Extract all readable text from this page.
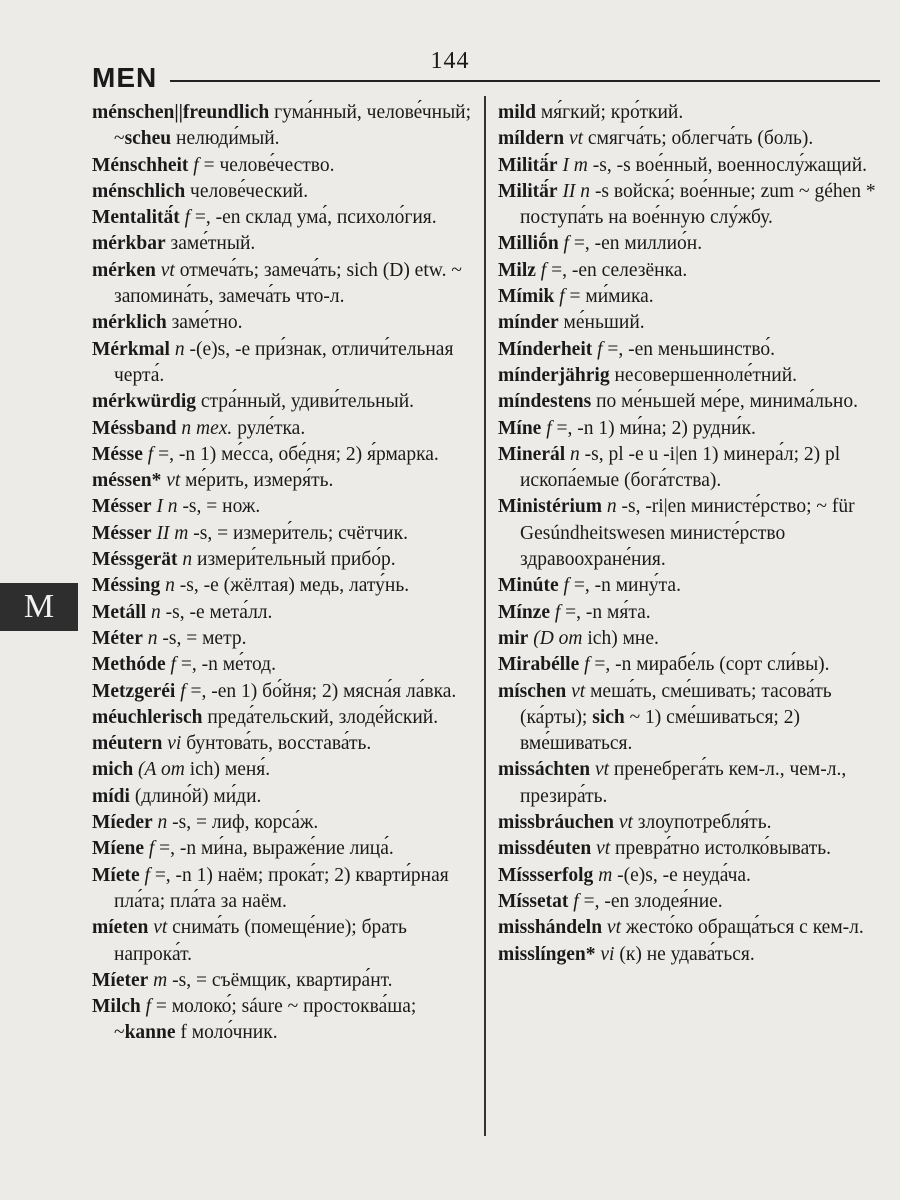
144
MEN

ménschen||freundlich гума́нный, челове́чный; ~scheu нелюди́мый.

Ménschheit f = челове́чество.

ménschlich челове́ческий.

Mentalitä́t f =, -en склад ума́, психоло́гия.

mérkbar заме́тный.

mérken vt отмеча́ть; замеча́ть; sich (D) etw. ~ запомина́ть, замеча́ть что-л.

mérklich заме́тно.

Mérkmal n -(e)s, -e при́знак, отличи́тельная черта́.

mérkwürdig стра́нный, удиви́тельный.

Méssband n mex. руле́тка.

Mésse f =, -n 1) ме́сса, обе́дня; 2) я́рмарка.

méssen* vt ме́рить, измеря́ть.

Mésser I n -s, = нож.

Mésser II m -s, = измери́тель; счётчик.

Méssgerät n измери́тельный прибо́р.

Méssing n -s, -e (жёлтая) медь, лату́нь.

Metáll n -s, -e мета́лл.

Méter n -s, = метр.

Methóde f =, -n ме́тод.

Metzgeréi f =, -en 1) бо́йня; 2) мясна́я ла́вка.

méuchlerisch преда́тельский, злоде́йский.

méutern vi бунтова́ть, восстава́ть.

mich (A om ich) меня́.

mídi (длино́й) ми́ди.

Míeder n -s, = лиф, корса́ж.

Míene f =, -n ми́на, выраже́ние лица́.

Míete f =, -n 1) наём; прока́т; 2) кварти́рная пла́та; пла́та за наём.

míeten vt снима́ть (помеще́ние); брать напрока́т.

Míeter m -s, = съёмщик, квартира́нт.

Milch f = молоко́; sáure ~ простоква́ша; ~kanne f моло́чник.

mild мя́гкий; кро́ткий.

míldern vt смягча́ть; облегча́ть (боль).

Militä́r I m -s, -s вое́нный, военнослу́жащий.

Militä́r II n -s войска́; вое́нные; zum ~ géhen * поступа́ть на вое́нную слу́жбу.

Milliṓn f =, -en миллио́н.

Milz f =, -en селезёнка.

Mímik f = ми́мика.

mínder ме́ньший.

Mínderheit f =, -en меньшинство́.

mínderjährig несовершенноле́тний.

míndestens по ме́ньшей ме́ре, минима́льно.

Míne f =, -n 1) ми́на; 2) рудни́к.

Minerál n -s, pl -e u -i|en 1) минера́л; 2) pl ископа́емые (бога́тства).

Ministérium n -s, -ri|en министе́рство; ~ für Gesúndheitswesen министе́рство здравоохране́ния.

Minúte f =, -n мину́та.

Mínze f =, -n мя́та.

mir (D om ich) мне.

Mirabélle f =, -n мирабе́ль (сорт сли́вы).

míschen vt меша́ть, сме́шивать; тасова́ть (ка́рты); sich ~ 1) сме́шиваться; 2) вме́шиваться.

missáchten vt пренебрега́ть кем-л., чем-л., презира́ть.

missbráuchen vt злоупотребля́ть.

missdéuten vt превра́тно истолко́вывать.

Míssserfolg m -(e)s, -e неуда́ча.

Míssetat f =, -en злодея́ние.

misshándeln vt жесто́ко обраща́ться с кем-л.

misslíngen* vi (к) не удава́ться.

M
